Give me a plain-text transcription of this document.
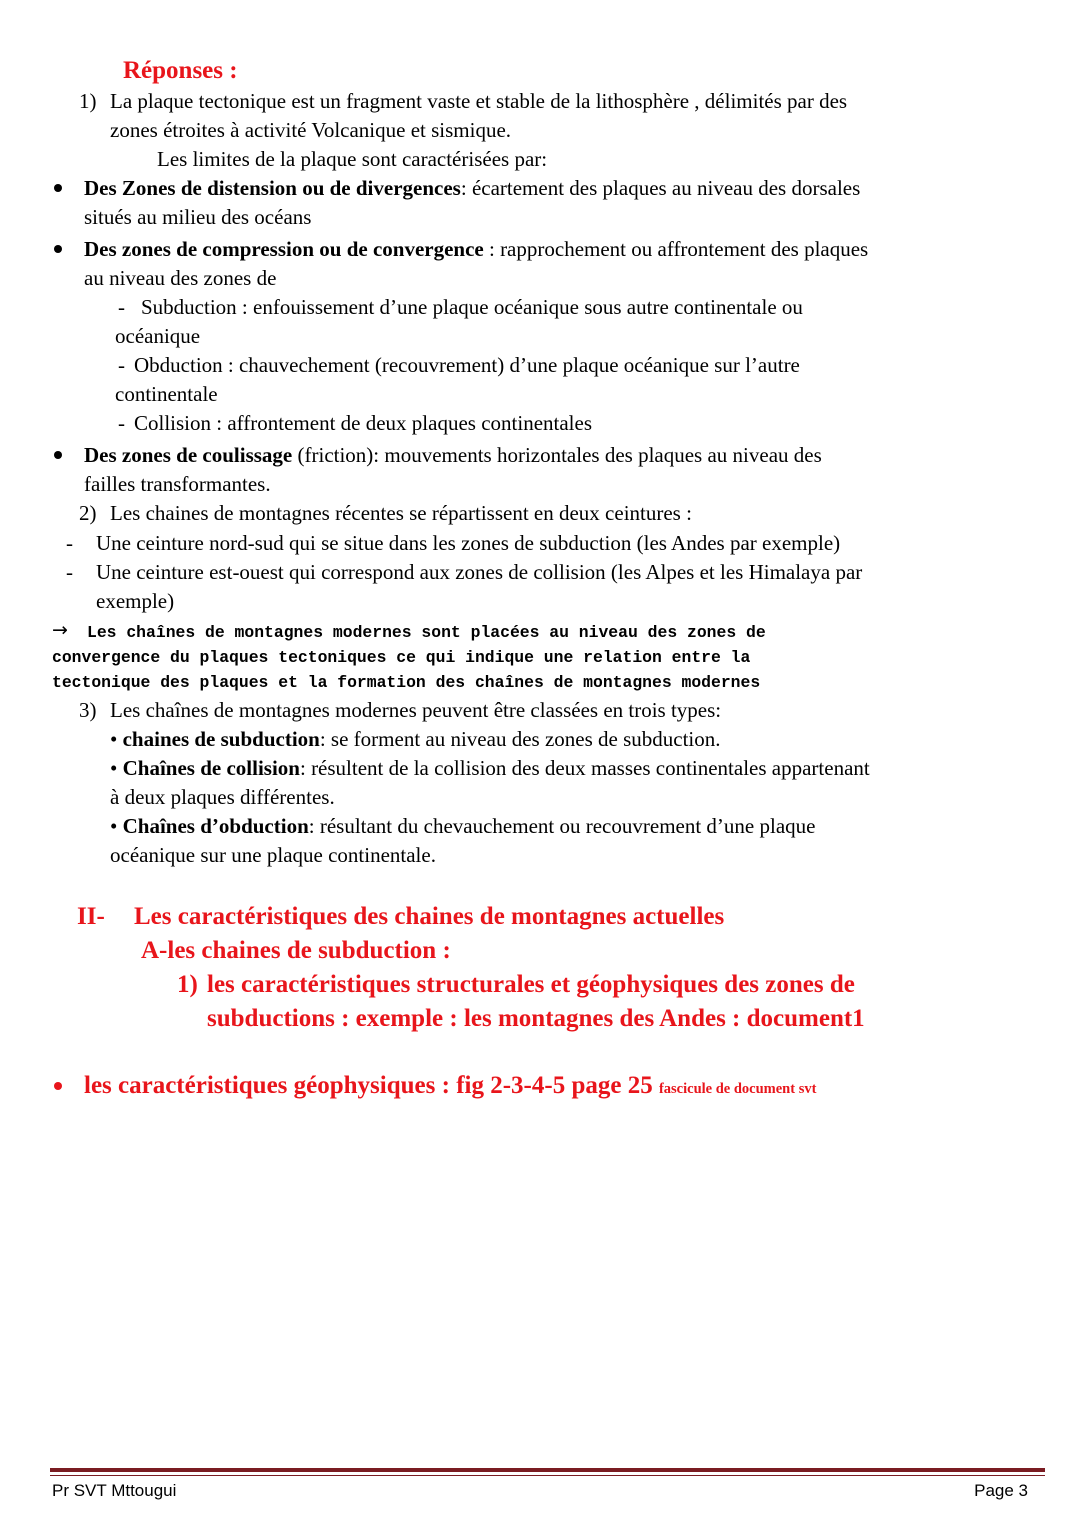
Réponses :
1) La plaque tectonique est un fragment vaste et stable de la lithosphère , délimités par des
zones étroites à activité Volcanique et sismique.
Les limites de la plaque sont caractérisées par:
Des Zones de distension ou de divergences: écartement des plaques au niveau des dorsales
situés au milieu des océans
Des zones de compression ou de convergence : rapprochement ou affrontement des plaques
au niveau des zones de
- Subduction : enfouissement d’une plaque océanique sous autre continentale ou
océanique
- Obduction : chauvechement (recouvrement) d’une plaque océanique sur l’autre
continentale
- Collision : affrontement de deux plaques continentales
Des zones de coulissage (friction): mouvements horizontales des plaques au niveau des
failles transformantes.
2) Les chaines de montagnes récentes se répartissent en deux ceintures :
- Une ceinture nord-sud qui se situe dans les zones de subduction (les Andes par exemple)
- Une ceinture est-ouest qui correspond aux zones de collision (les Alpes et les Himalaya par
exemple)
→ Les chaînes de montagnes modernes sont placées au niveau des zones de
convergence du plaques tectoniques ce qui indique une relation entre la
tectonique des plaques et la formation des chaînes de montagnes modernes
3) Les chaînes de montagnes modernes peuvent être classées en trois types:
• chaines de subduction: se forment au niveau des zones de subduction.
• Chaînes de collision: résultent de la collision des deux masses continentales appartenant
à deux plaques différentes.
• Chaînes d’obduction: résultant du chevauchement ou recouvrement d’une plaque
océanique sur une plaque continentale.
II- Les caractéristiques des chaines de montagnes actuelles
A-les chaines de subduction :
1) les caractéristiques structurales et géophysiques des zones de
subductions : exemple : les montagnes des Andes : document1
les caractéristiques géophysiques : fig 2-3-4-5 page 25 fascicule de document svt
Pr SVT Mttougui	Page 3
